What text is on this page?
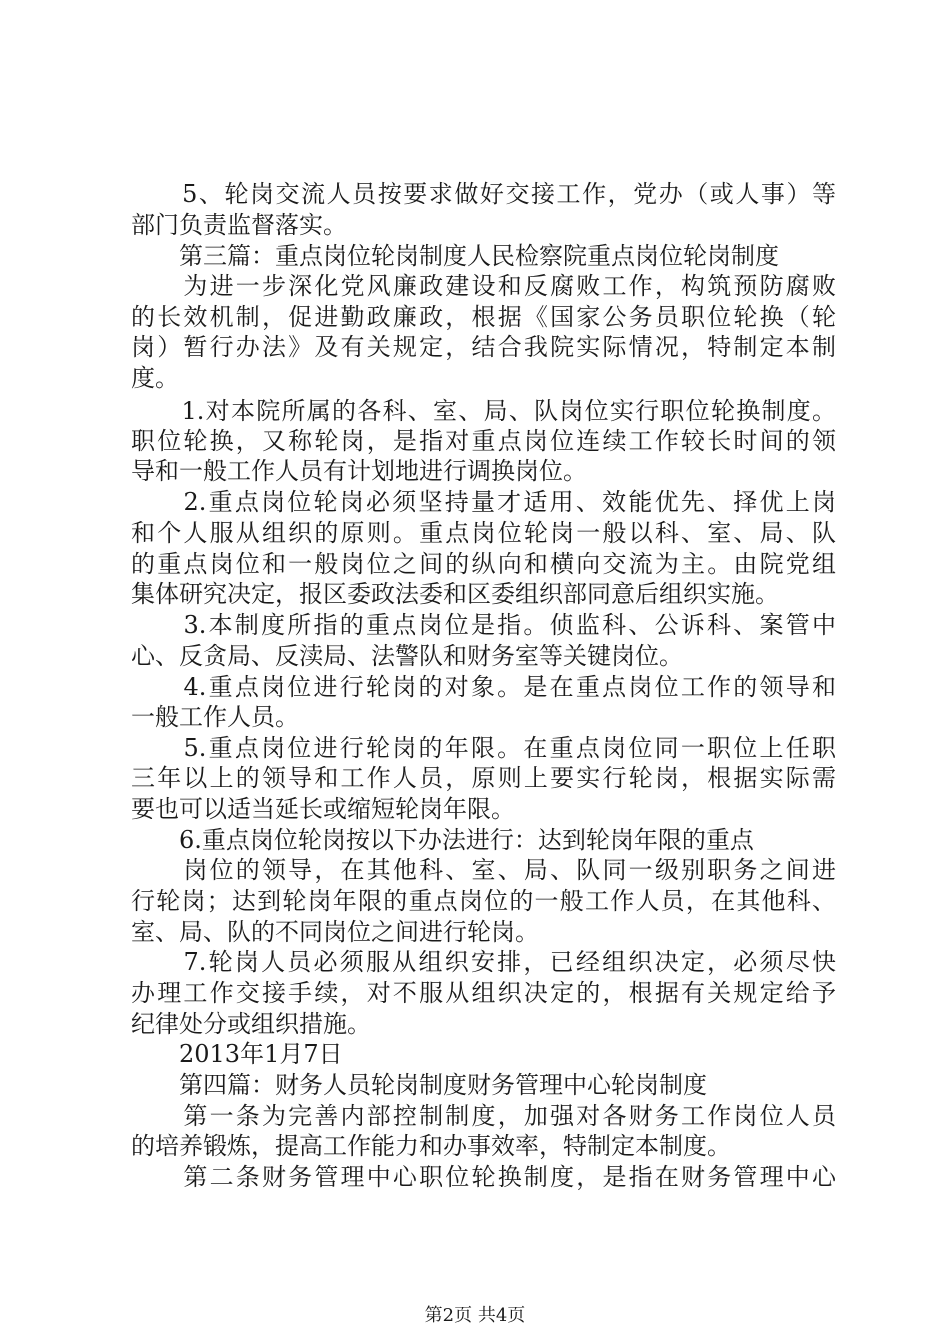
　　5、轮岗交流人员按要求做好交接工作，党办（或人事）等
部门负责监督落实。
　　第三篇：重点岗位轮岗制度人民检察院重点岗位轮岗制度
　　为进一步深化党风廉政建设和反腐败工作，构筑预防腐败
的长效机制，促进勤政廉政，根据《国家公务员职位轮换（轮
岗）暂行办法》及有关规定，结合我院实际情况，特制定本制
度。
　　1.对本院所属的各科、室、局、队岗位实行职位轮换制度。
职位轮换，又称轮岗，是指对重点岗位连续工作较长时间的领
导和一般工作人员有计划地进行调换岗位。
　　2.重点岗位轮岗必须坚持量才适用、效能优先、择优上岗
和个人服从组织的原则。重点岗位轮岗一般以科、室、局、队
的重点岗位和一般岗位之间的纵向和横向交流为主。由院党组
集体研究决定，报区委政法委和区委组织部同意后组织实施。
　　3.本制度所指的重点岗位是指。侦监科、公诉科、案管中
心、反贪局、反渎局、法警队和财务室等关键岗位。
　　4.重点岗位进行轮岗的对象。是在重点岗位工作的领导和
一般工作人员。
　　5.重点岗位进行轮岗的年限。在重点岗位同一职位上任职
三年以上的领导和工作人员，原则上要实行轮岗，根据实际需
要也可以适当延长或缩短轮岗年限。
　　6.重点岗位轮岗按以下办法进行：达到轮岗年限的重点
　　岗位的领导，在其他科、室、局、队同一级别职务之间进
行轮岗；达到轮岗年限的重点岗位的一般工作人员，在其他科、
室、局、队的不同岗位之间进行轮岗。
　　7.轮岗人员必须服从组织安排，已经组织决定，必须尽快
办理工作交接手续，对不服从组织决定的，根据有关规定给予
纪律处分或组织措施。
　　2013年1月7日
　　第四篇：财务人员轮岗制度财务管理中心轮岗制度
　　第一条为完善内部控制制度，加强对各财务工作岗位人员
的培养锻炼，提高工作能力和办事效率，特制定本制度。
　　第二条财务管理中心职位轮换制度，是指在财务管理中心
第2页 共4页
